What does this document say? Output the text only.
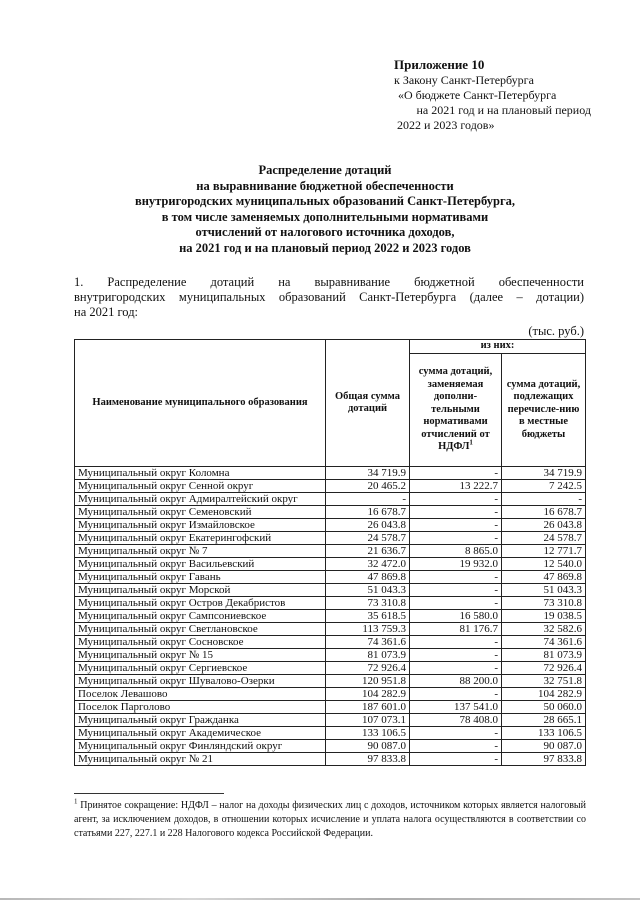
Приложение 10
к Закону Санкт-Петербурга
«О бюджете Санкт-Петербурга
на 2021 год и на плановый период
2022 и 2023 годов»
Распределение дотаций
на выравнивание бюджетной обеспеченности
внутригородских муниципальных образований Санкт-Петербурга,
в том числе заменяемых дополнительными нормативами
отчислений от налогового источника доходов,
на 2021 год и на плановый период 2022 и 2023 годов
1. Распределение дотаций на выравнивание бюджетной обеспеченности
внутригородских муниципальных образований Санкт-Петербурга (далее – дотации)
на 2021 год:
(тыс. руб.)
Наименование муниципального образования	Общая сумма дотаций	из них:	
		сумма дотаций, заменяемая дополни-тельными нормативами отчислений от НДФЛ$^1$	сумма дотаций, подлежащих перечисле-нию в местные бюджеты
Муниципальный округ Коломна	34 719.9	-	34 719.9
Муниципальный округ Сенной округ	20 465.2	13 222.7	7 242.5
Муниципальный округ Адмиралтейский округ	-	-	-
Муниципальный округ Семеновский	16 678.7	-	16 678.7
Муниципальный округ Измайловское	26 043.8	-	26 043.8
Муниципальный округ Екатерингофский	24 578.7	-	24 578.7
Муниципальный округ № 7	21 636.7	8 865.0	12 771.7
Муниципальный округ Васильевский	32 472.0	19 932.0	12 540.0
Муниципальный округ Гавань	47 869.8	-	47 869.8
Муниципальный округ Морской	51 043.3	-	51 043.3
Муниципальный округ Остров Декабристов	73 310.8	-	73 310.8
Муниципальный округ Сампсониевское	35 618.5	16 580.0	19 038.5
Муниципальный округ Светлановское	113 759.3	81 176.7	32 582.6
Муниципальный округ Сосновское	74 361.6	-	74 361.6
Муниципальный округ № 15	81 073.9	-	81 073.9
Муниципальный округ Сергиевское	72 926.4	-	72 926.4
Муниципальный округ Шувалово-Озерки	120 951.8	88 200.0	32 751.8
Поселок Левашово	104 282.9	-	104 282.9
Поселок Парголово	187 601.0	137 541.0	50 060.0
Муниципальный округ Гражданка	107 073.1	78 408.0	28 665.1
Муниципальный округ Академическое	133 106.5	-	133 106.5
Муниципальный округ Финляндский округ	90 087.0	-	90 087.0
Муниципальный округ № 21	97 833.8	-	97 833.8
$^1$ Принятое сокращение: НДФЛ – налог на доходы физических лиц с доходов, источником которых является налоговый агент, за исключением доходов, в отношении которых исчисление и уплата налога осуществляются в соответствии со статьями 227, 227.1 и 228 Налогового кодекса Российской Федерации.
